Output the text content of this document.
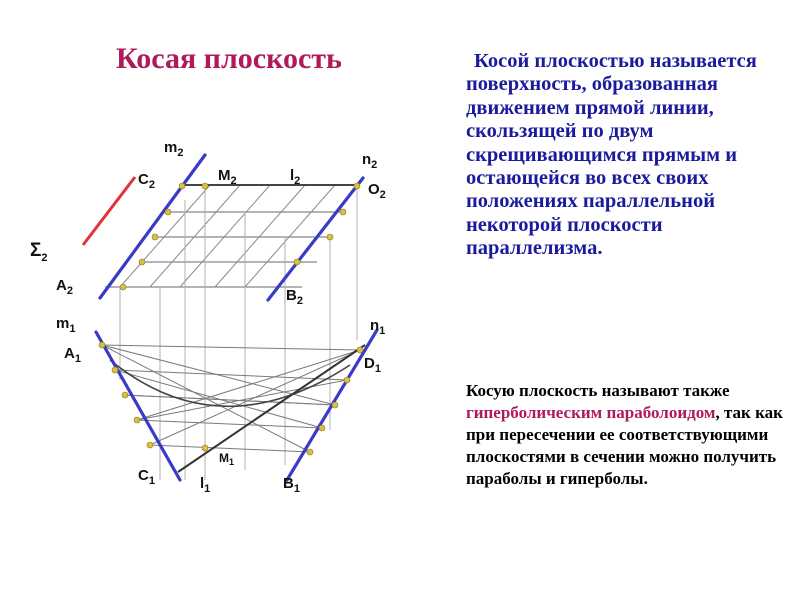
Косая плоскость	Косой плоскостью называется поверхность, образованная движением прямой линии, скользящей по двум скрещивающимся прямым и остающейся во всех своих положениях параллельной некоторой плоскости параллелизма.

Косую плоскость называют также гиперболическим параболоидом, так как при пересечении ее соответствующими плоскостями в сечении можно получить параболы и гиперболы.

$\Sigma_2$
$m_2$	$n_2$
$C_2$
$M_2$	$l_2$	$O_2$
$A_2$	$B_2$
$m_1$	$n_1$
$A_1$	$D_1$
$M_1$
$C_1$	$l_1$	$B_1$
